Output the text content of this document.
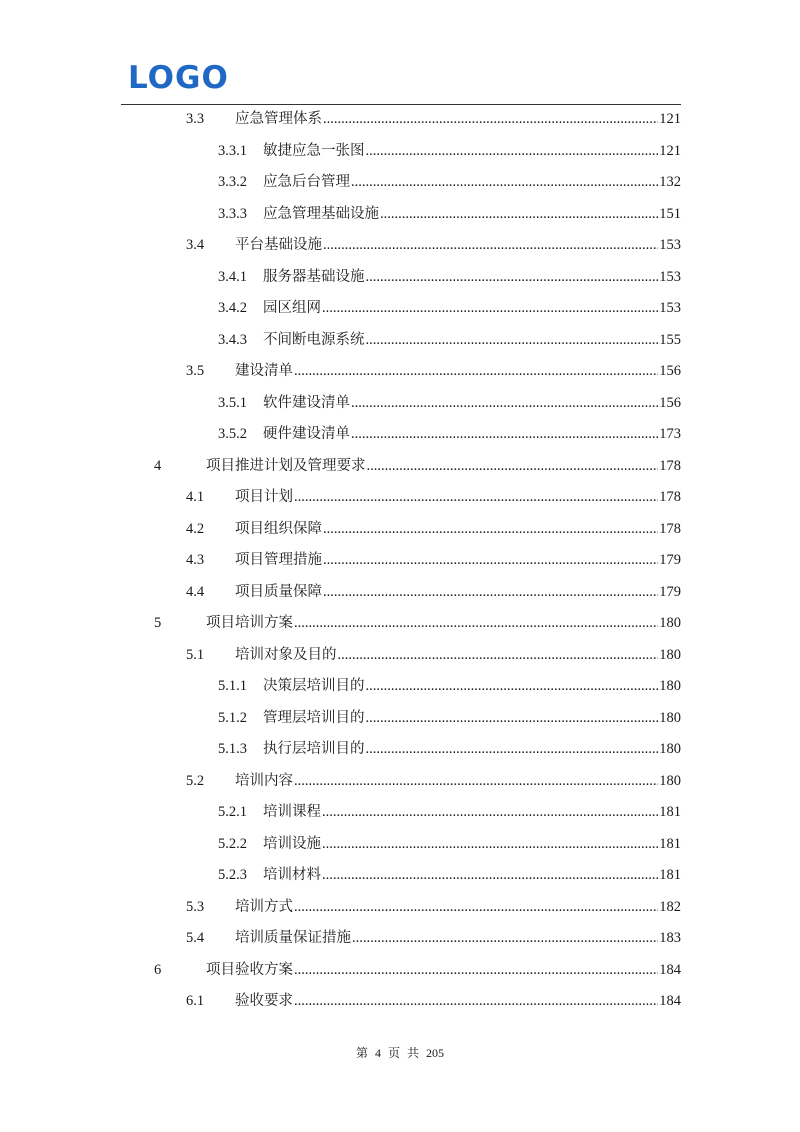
LOGO
3.3	应急管理体系 .....	121
3.3.1	敏捷应急一张图 .....	121
3.3.2	应急后台管理 .....	132
3.3.3	应急管理基础设施 .....	151
3.4	平台基础设施 .....	153
3.4.1	服务器基础设施 .....	153
3.4.2	园区组网 .....	153
3.4.3	不间断电源系统 .....	155
3.5	建设清单 .....	156
3.5.1	软件建设清单 .....	156
3.5.2	硬件建设清单 .....	173
4	项目推进计划及管理要求 .....	178
4.1	项目计划 .....	178
4.2	项目组织保障 .....	178
4.3	项目管理措施 .....	179
4.4	项目质量保障 .....	179
5	项目培训方案 .....	180
5.1	培训对象及目的 .....	180
5.1.1	决策层培训目的 .....	180
5.1.2	管理层培训目的 .....	180
5.1.3	执行层培训目的 .....	180
5.2	培训内容 .....	180
5.2.1	培训课程 .....	181
5.2.2	培训设施 .....	181
5.2.3	培训材料 .....	181
5.3	培训方式 .....	182
5.4	培训质量保证措施 .....	183
6	项目验收方案 .....	184
6.1	验收要求 .....	184
第 4 页 共 205
